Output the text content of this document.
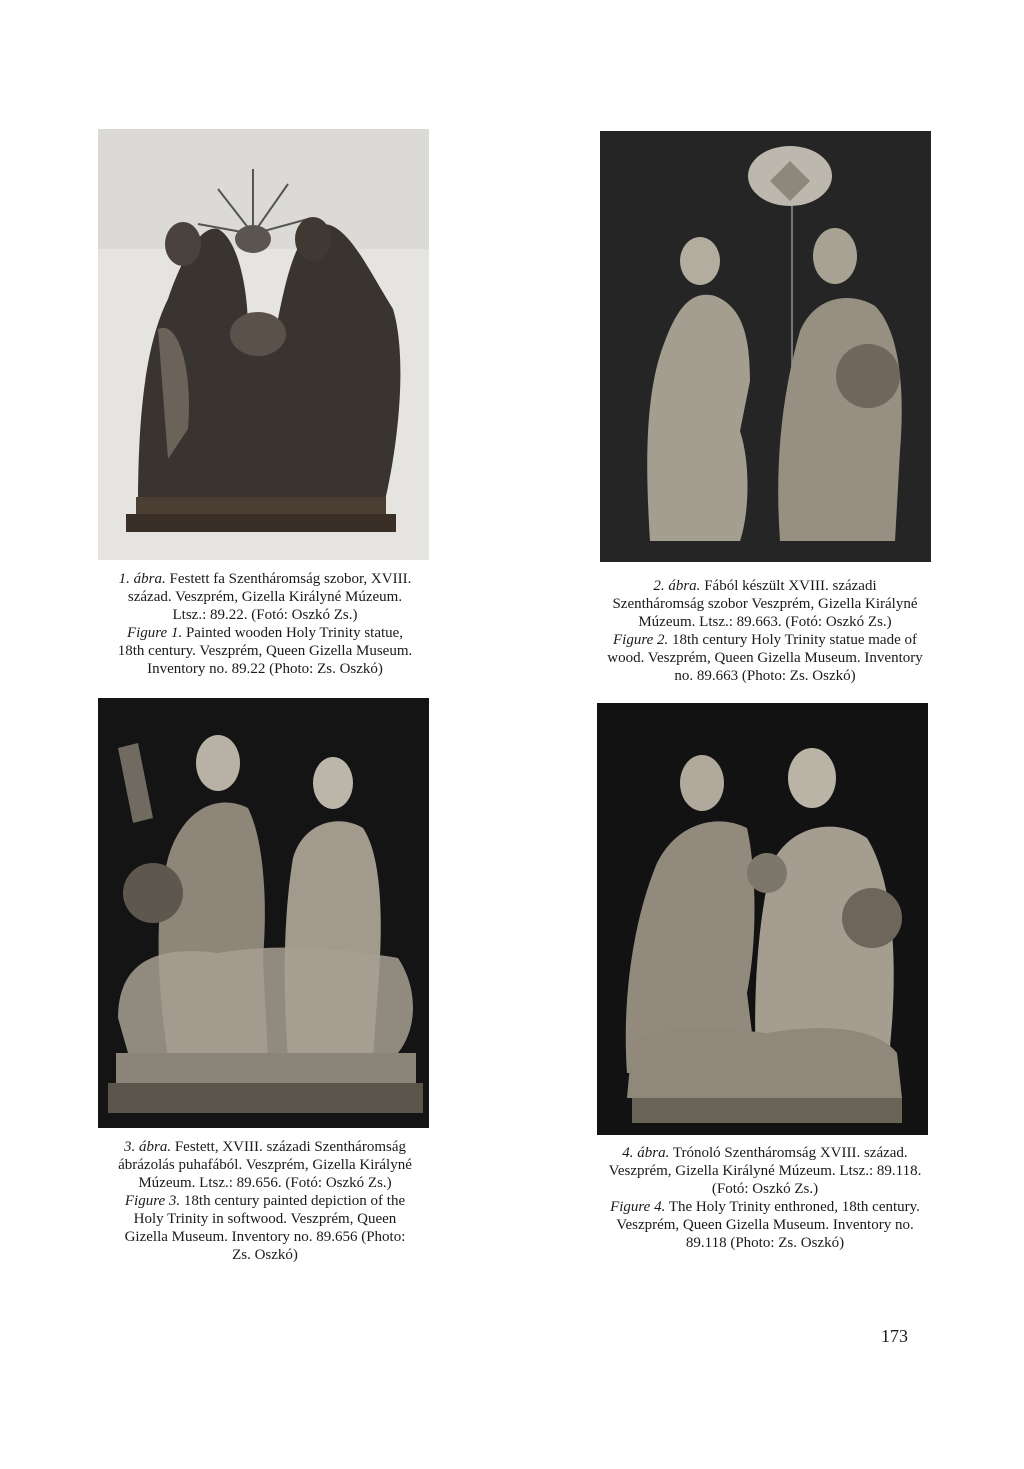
1. ábra. Festett fa Szentháromság szobor, XVIII. század. Veszprém, Gizella Királyné Múzeum. Ltsz.: 89.22. (Fotó: Oszkó Zs.)

Figure 1. Painted wooden Holy Trinity statue, 18th century. Veszprém, Queen Gizella Museum. Inventory no. 89.22 (Photo: Zs. Oszkó)

2. ábra. Fából készült XVIII. századi Szentháromság szobor Veszprém, Gizella Királyné Múzeum. Ltsz.: 89.663. (Fotó: Oszkó Zs.)

Figure 2. 18th century Holy Trinity statue made of wood. Veszprém, Queen Gizella Museum. Inventory no. 89.663 (Photo: Zs. Oszkó)

3. ábra. Festett, XVIII. századi Szentháromság ábrázolás puhafából. Veszprém, Gizella Királyné Múzeum. Ltsz.: 89.656. (Fotó: Oszkó Zs.)

Figure 3. 18th century painted depiction of the Holy Trinity in softwood. Veszprém, Queen Gizella Museum. Inventory no. 89.656 (Photo: Zs. Oszkó)

4. ábra. Trónoló Szentháromság XVIII. század. Veszprém, Gizella Királyné Múzeum. Ltsz.: 89.118. (Fotó: Oszkó Zs.)

Figure 4. The Holy Trinity enthroned, 18th century. Veszprém, Queen Gizella Museum. Inventory no. 89.118 (Photo: Zs. Oszkó)

173
